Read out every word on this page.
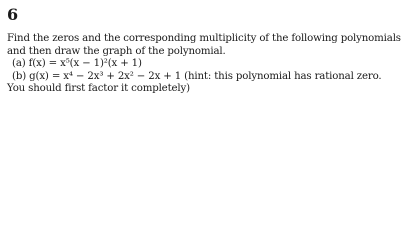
6
Find the zeros and the corresponding multiplicity of the following polynomials
and then draw the graph of the polynomial.
(a) f(x) = x⁵(x − 1)²(x + 1)
(b) g(x) = x⁴ − 2x³ + 2x² − 2x + 1 (hint: this polynomial has rational zero.
You should first factor it completely)
